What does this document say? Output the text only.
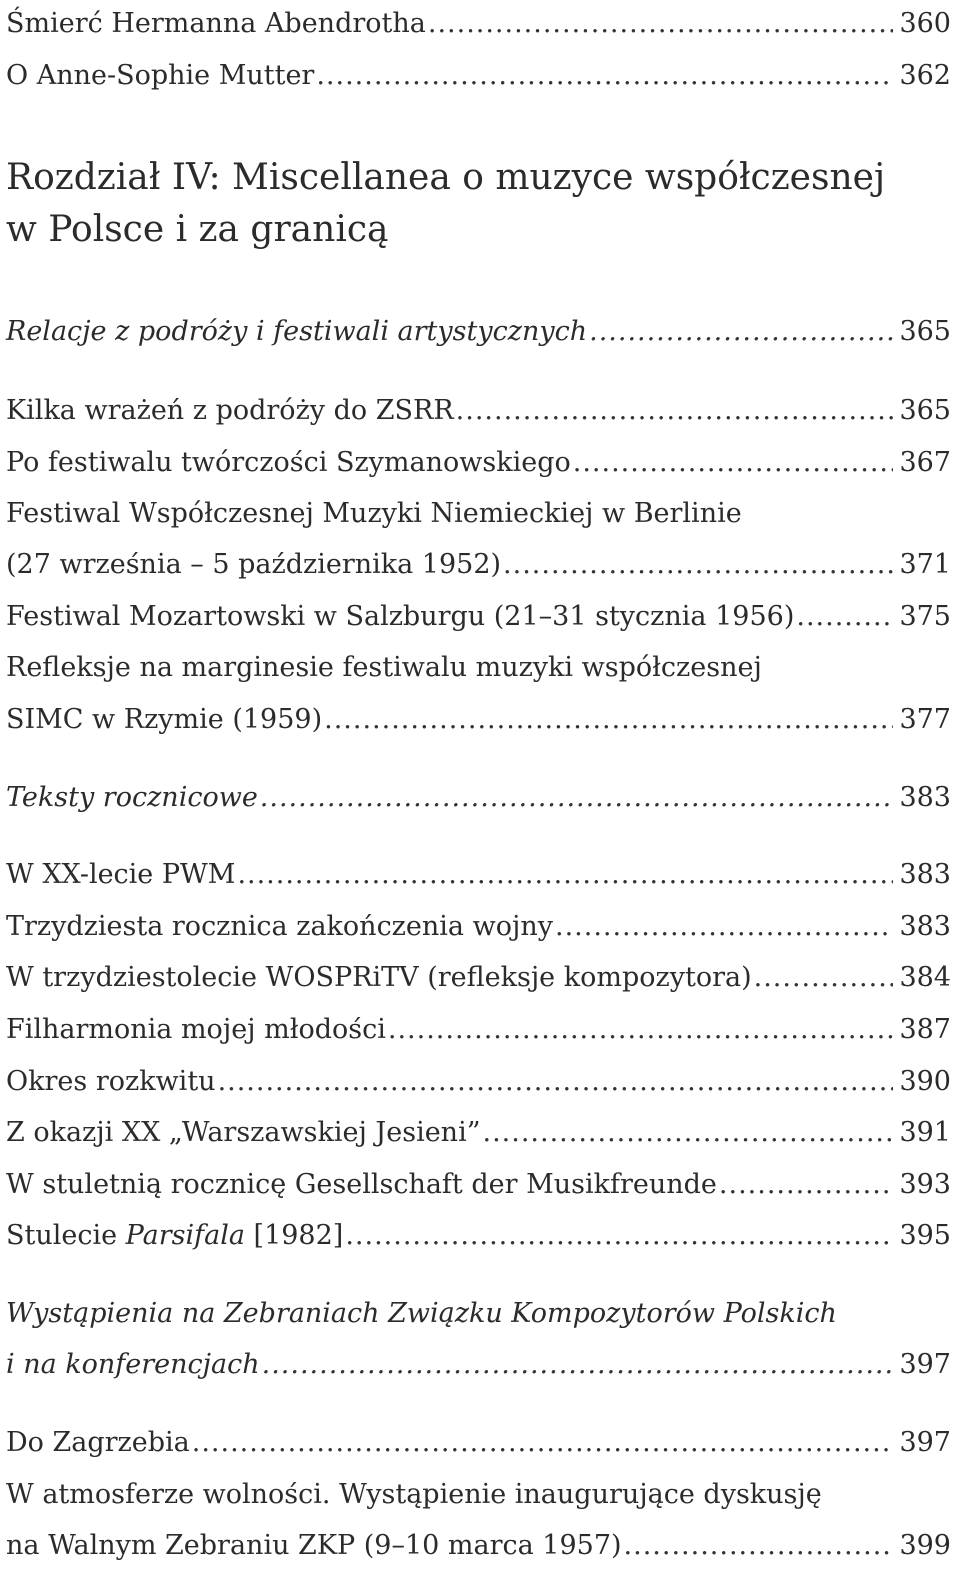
Śmierć Hermanna Abendrotha .....	360
O Anne-Sophie Mutter .....	362
Rozdział IV: Miscellanea o muzyce współczesnej
w Polsce i za granicą
Relacje z podróży i festiwali artystycznych .....	365
Kilka wrażeń z podróży do ZSRR .....	365
Po festiwalu twórczości Szymanowskiego .....	367
Festiwal Współczesnej Muzyki Niemieckiej w Berlinie
(27 września – 5 października 1952) .....	371
Festiwal Mozartowski w Salzburgu (21–31 stycznia 1956) .....	375
Refleksje na marginesie festiwalu muzyki współczesnej
SIMC w Rzymie (1959) .....	377
Teksty rocznicowe .....	383
W XX-lecie PWM .....	383
Trzydziesta rocznica zakończenia wojny .....	383
W trzydziestolecie WOSPRiTV (refleksje kompozytora) .....	384
Filharmonia mojej młodości .....	387
Okres rozkwitu .....	390
Z okazji XX „Warszawskiej Jesieni” .....	391
W stuletnią rocznicę Gesellschaft der Musikfreunde .....	393
Stulecie Parsifala [1982] .....	395
Wystąpienia na Zebraniach Związku Kompozytorów Polskich
i na konferencjach .....	397
Do Zagrzebia .....	397
W atmosferze wolności. Wystąpienie inaugurujące dyskusję
na Walnym Zebraniu ZKP (9–10 marca 1957) .....	399
